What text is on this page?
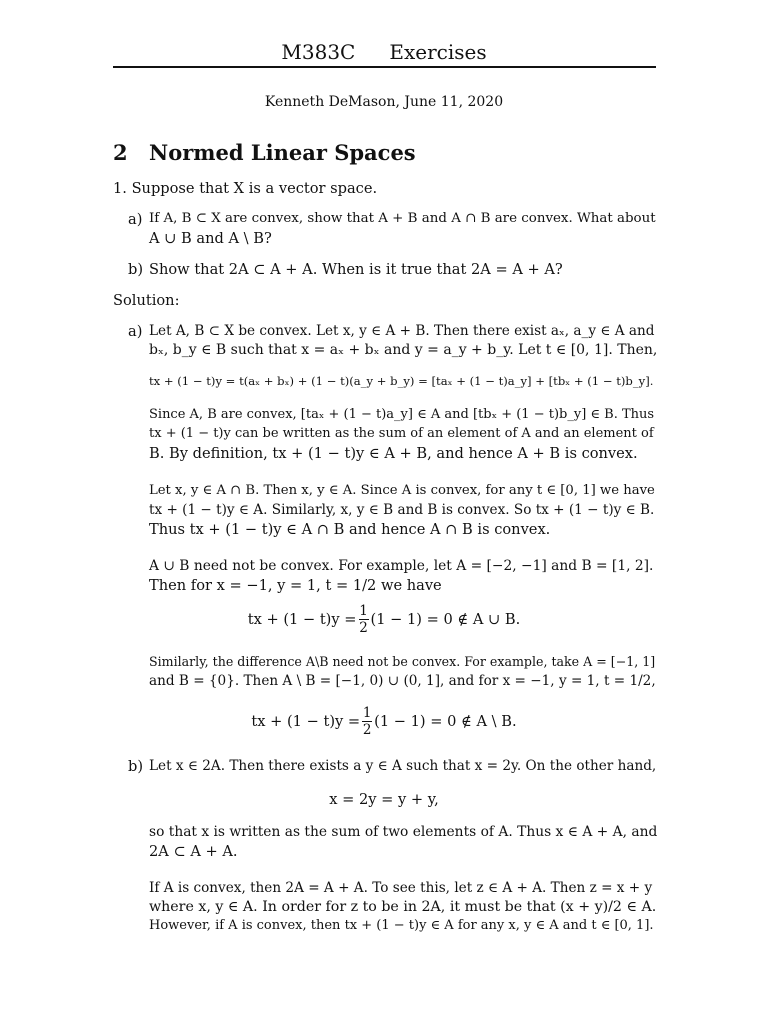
M383C Exercises
Kenneth DeMason, June 11, 2020
2 Normed Linear Spaces
1. Suppose that X is a vector space.
a) If A, B ⊂ X are convex, show that A + B and A ∩ B are convex. What about
A ∪ B and A \ B?
b) Show that 2A ⊂ A + A. When is it true that 2A = A + A?
Solution:
a) Let A, B ⊂ X be convex. Let x, y ∈ A + B. Then there exist aₓ, a_y ∈ A and
bₓ, b_y ∈ B such that x = aₓ + bₓ and y = a_y + b_y. Let t ∈ [0, 1]. Then,
tx + (1 − t)y = t(aₓ + bₓ) + (1 − t)(a_y + b_y) = [taₓ + (1 − t)a_y] + [tbₓ + (1 − t)b_y].
Since A, B are convex, [taₓ + (1 − t)a_y] ∈ A and [tbₓ + (1 − t)b_y] ∈ B. Thus
tx + (1 − t)y can be written as the sum of an element of A and an element of
B. By definition, tx + (1 − t)y ∈ A + B, and hence A + B is convex.
Let x, y ∈ A ∩ B. Then x, y ∈ A. Since A is convex, for any t ∈ [0, 1] we have
tx + (1 − t)y ∈ A. Similarly, x, y ∈ B and B is convex. So tx + (1 − t)y ∈ B.
Thus tx + (1 − t)y ∈ A ∩ B and hence A ∩ B is convex.
A ∪ B need not be convex. For example, let A = [−2, −1] and B = [1, 2].
Then for x = −1, y = 1, t = 1/2 we have
tx + $(1 - t)y = \frac{1}{2} (1 - 1) = 0$ ∉ A ∪ B.
Similarly, the difference A\B need not be convex. For example, take A = [−1, 1]
and B = {0}. Then A \ B = [−1, 0) ∪ (0, 1], and for x = −1, y = 1, t = 1/2,
tx + $(1 - t)y = \frac{1}{2} (1 - 1) = 0$ ∉ A \ B.
b) Let x ∈ 2A. Then there exists a y ∈ A such that x = 2y. On the other hand,
x = 2y = y + y,
so that x is written as the sum of two elements of A. Thus x ∈ A + A, and
2A ⊂ A + A.
If A is convex, then 2A = A + A. To see this, let z ∈ A + A. Then z = x + y
where x, y ∈ A. In order for z to be in 2A, it must be that (x + y)/2 ∈ A.
However, if A is convex, then tx + (1 − t)y ∈ A for any x, y ∈ A and t ∈ [0, 1].
